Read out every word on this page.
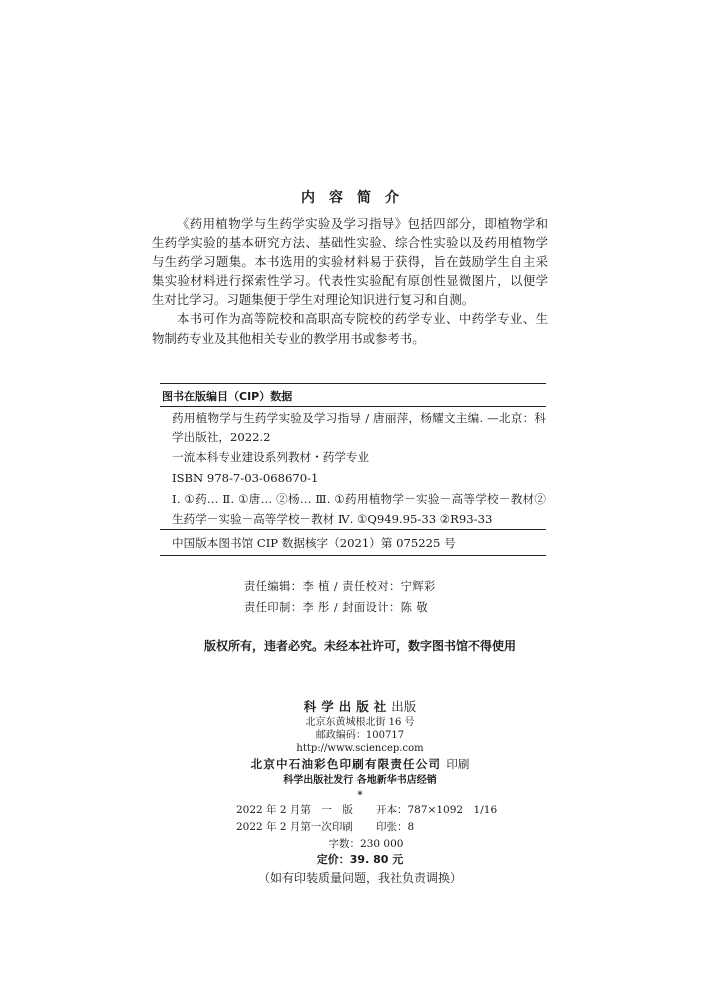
内容简介

《药用植物学与生药学实验及学习指导》包括四部分，即植物学和生药学实验的基本研究方法、基础性实验、综合性实验以及药用植物学与生药学习题集。本书选用的实验材料易于获得，旨在鼓励学生自主采集实验材料进行探索性学习。代表性实验配有原创性显微图片，以便学生对比学习。习题集便于学生对理论知识进行复习和自测。

本书可作为高等院校和高职高专院校的药学专业、中药学专业、生物制药专业及其他相关专业的教学用书或参考书。

图书在版编目（CIP）数据
药用植物学与生药学实验及学习指导 / 唐丽萍，杨耀文主编. —北京：科学出版社，2022.2
一流本科专业建设系列教材・药学专业
ISBN 978-7-03-068670-1
Ⅰ. ①药… Ⅱ. ①唐… ②杨… Ⅲ. ①药用植物学－实验－高等学校－教材②生药学－实验－高等学校－教材 Ⅳ. ①Q949.95-33 ②R93-33
中国版本图书馆 CIP 数据核字（2021）第 075225 号
责任编辑：李 植 / 责任校对：宁辉彩
责任印制：李 彤 / 封面设计：陈 敬
版权所有，违者必究。未经本社许可，数字图书馆不得使用
科学出版社出版
北京东黄城根北街 16 号
邮政编码：100717
http://www.sciencep.com
北京中石油彩色印刷有限责任公司 印刷
科学出版社发行 各地新华书店经销
*
2022 年 2 月第　一　版 开本：787×1092　1/16
2022 年 2 月第一次印刷 印张：8
字数：230 000
定价：39. 80 元
（如有印装质量问题，我社负责调换）
